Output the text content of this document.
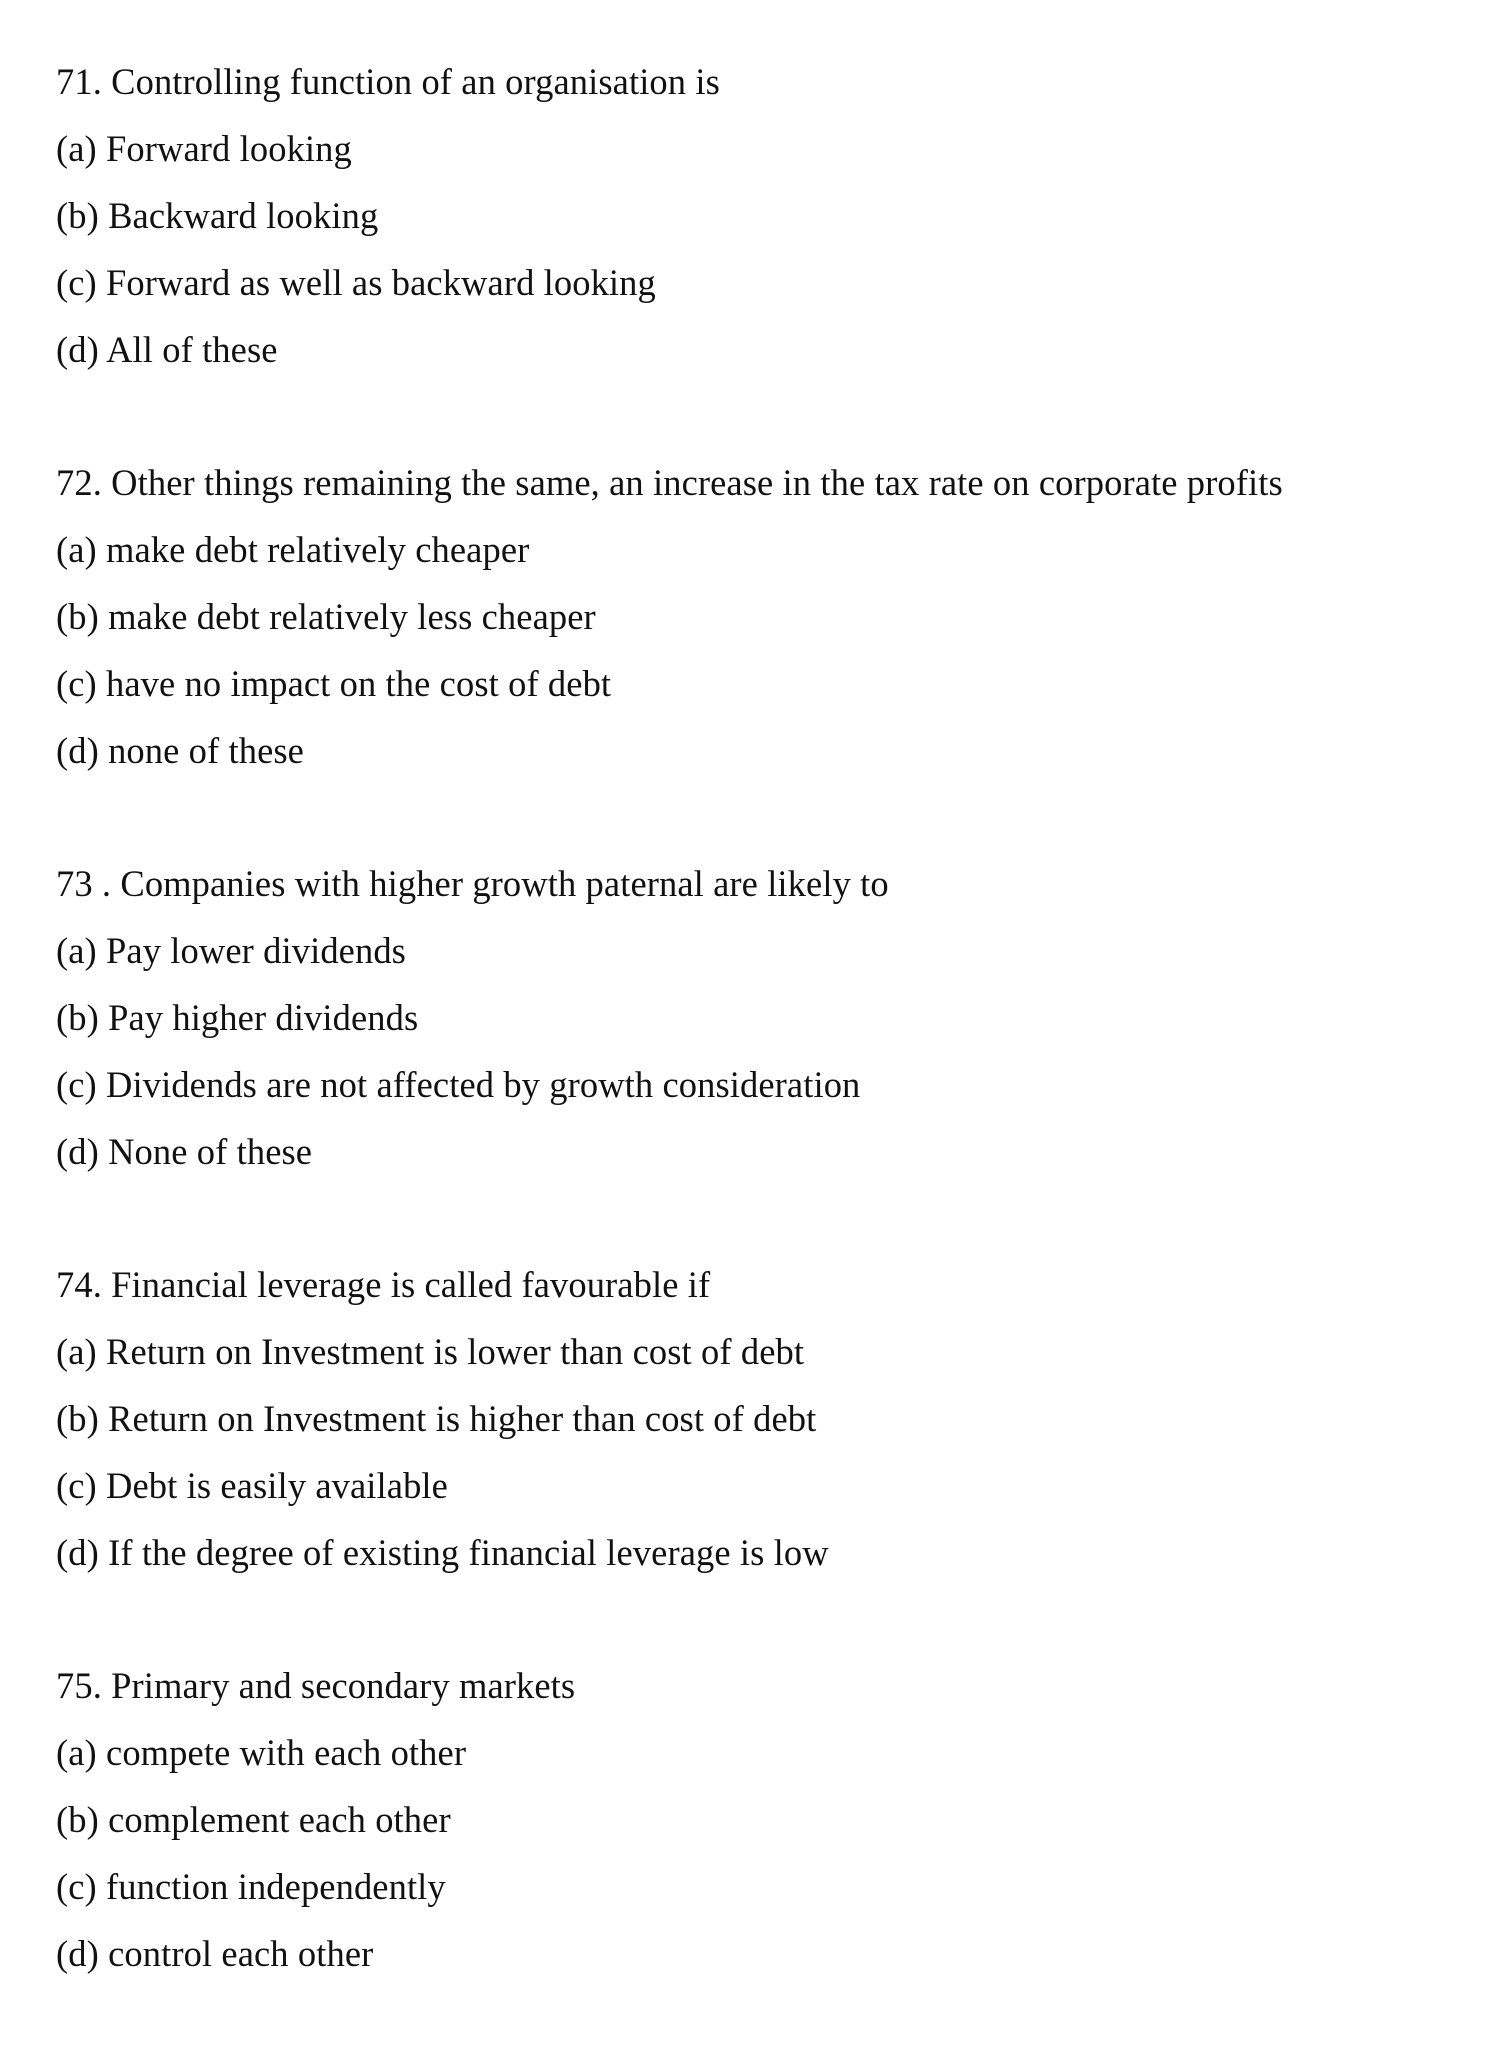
71. Controlling function of an organisation is
(a) Forward looking
(b) Backward looking
(c) Forward as well as backward looking
(d) All of these
72. Other things remaining the same, an increase in the tax rate on corporate profits
(a) make debt relatively cheaper
(b) make debt relatively less cheaper
(c) have no impact on the cost of debt
(d) none of these
73 . Companies with higher growth paternal are likely to
(a) Pay lower dividends
(b) Pay higher dividends
(c) Dividends are not affected by growth consideration
(d) None of these
74. Financial leverage is called favourable if
(a) Return on Investment is lower than cost of debt
(b) Return on Investment is higher than cost of debt
(c) Debt is easily available
(d) If the degree of existing financial leverage is low
75. Primary and secondary markets
(a) compete with each other
(b) complement each other
(c) function independently
(d) control each other
